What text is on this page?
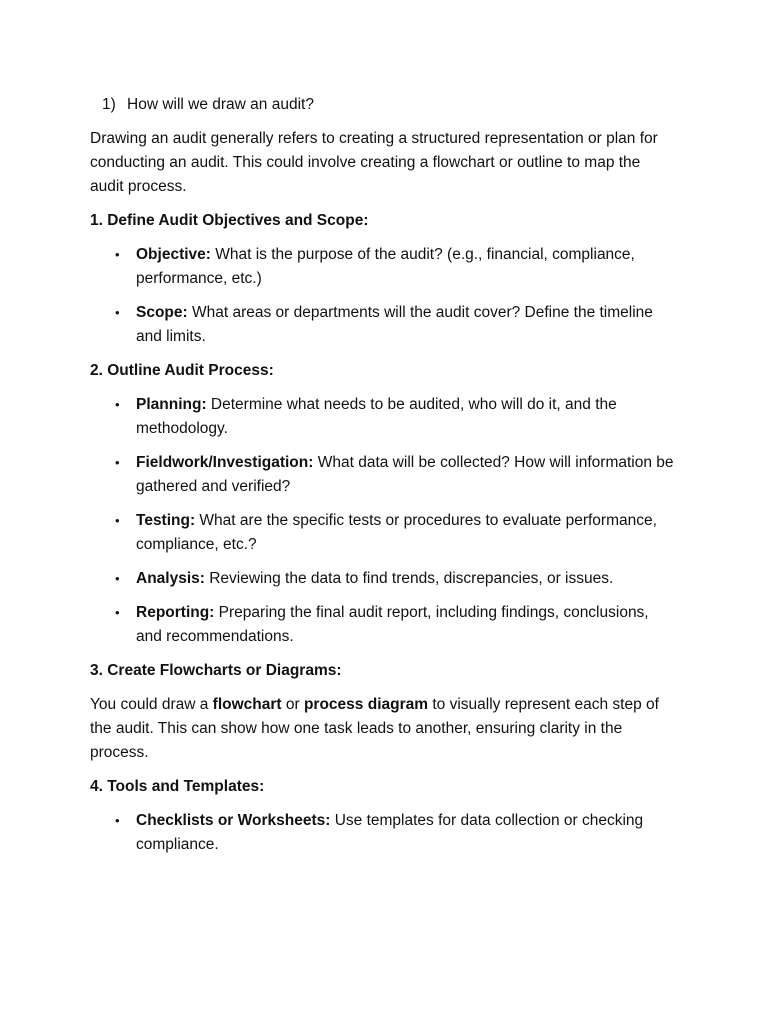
1) How will we draw an audit?

Drawing an audit generally refers to creating a structured representation or plan for conducting an audit. This could involve creating a flowchart or outline to map the audit process.

1. Define Audit Objectives and Scope:
• Objective: What is the purpose of the audit? (e.g., financial, compliance, performance, etc.)
• Scope: What areas or departments will the audit cover? Define the timeline and limits.
2. Outline Audit Process:
• Planning: Determine what needs to be audited, who will do it, and the methodology.
• Fieldwork/Investigation: What data will be collected? How will information be gathered and verified?
• Testing: What are the specific tests or procedures to evaluate performance, compliance, etc.?
• Analysis: Reviewing the data to find trends, discrepancies, or issues.
• Reporting: Preparing the final audit report, including findings, conclusions, and recommendations.
3. Create Flowcharts or Diagrams:

You could draw a flowchart or process diagram to visually represent each step of the audit. This can show how one task leads to another, ensuring clarity in the process.

4. Tools and Templates:
• Checklists or Worksheets: Use templates for data collection or checking compliance.
